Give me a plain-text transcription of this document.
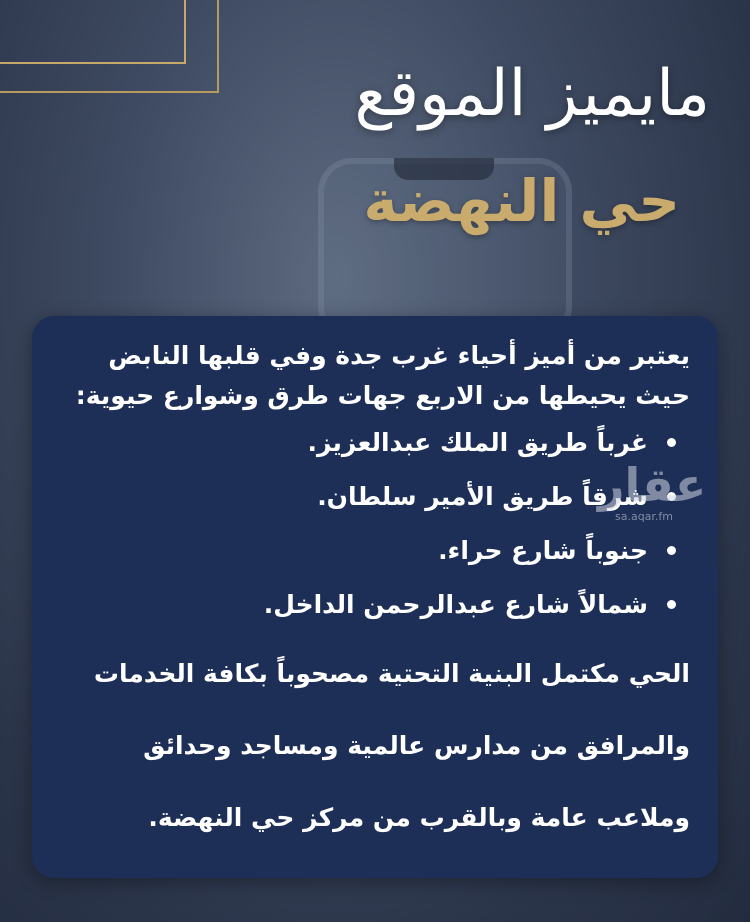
مايميز الموقع
حي النهضة

يعتبر من أميز أحياء غرب جدة وفي قلبها النابض حيث يحيطها من الاربع جهات طرق وشوارع حيوية:

غرباً طريق الملك عبدالعزيز.
شرقاً طريق الأمير سلطان.
جنوباً شارع حراء.
شمالاً شارع عبدالرحمن الداخل.

الحي مكتمل البنية التحتية مصحوباً بكافة الخدمات والمرافق من مدارس عالمية ومساجد وحدائق وملاعب عامة وبالقرب من مركز حي النهضة.

عقار
sa.aqar.fm
